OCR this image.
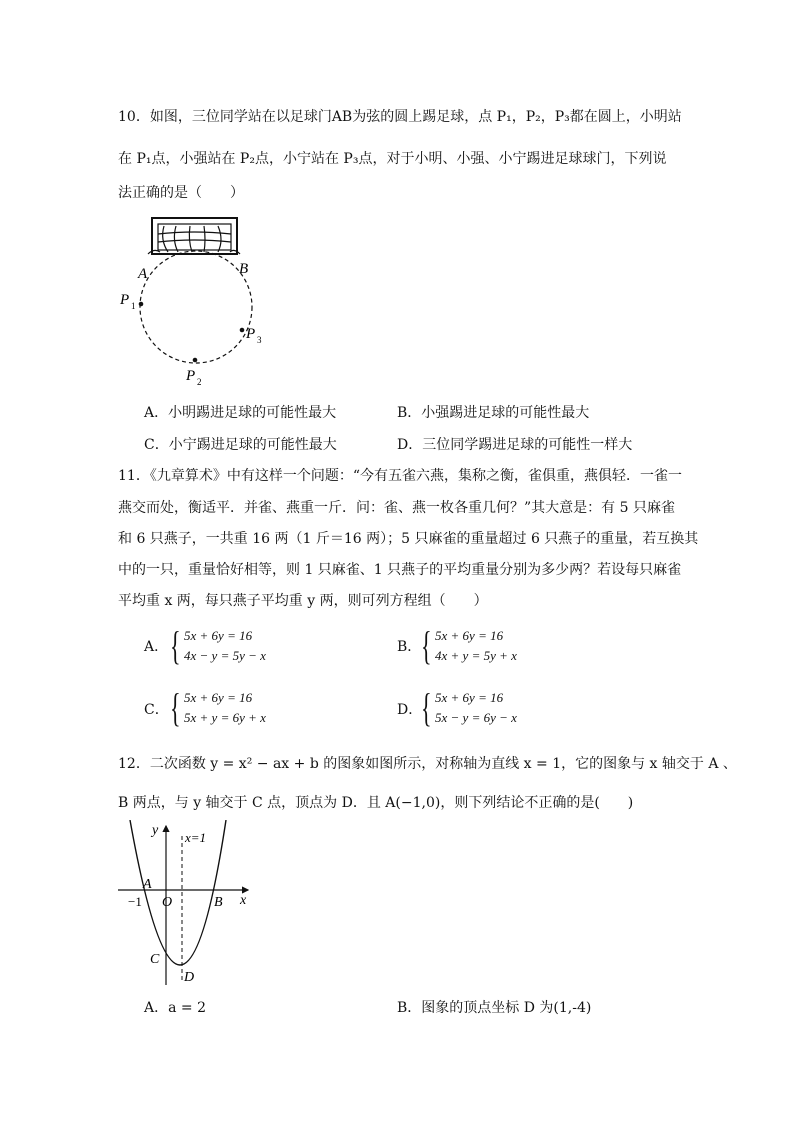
10．如图，三位同学站在以足球门AB为弦的圆上踢足球，点 P₁，P₂，P₃都在圆上，小明站
在 P₁点，小强站在 P₂点，小宁站在 P₃点，对于小明、小强、小宁踢进足球球门，下列说
法正确的是（　　）
A	B
P 1
P 2
P 3
A．小明踢进足球的可能性最大	B．小强踢进足球的可能性最大
C．小宁踢进足球的可能性最大	D．三位同学踢进足球的可能性一样大
11．《九章算术》中有这样一个问题：“今有五雀六燕，集称之衡，雀俱重，燕俱轻．一雀一
燕交而处，衡适平．并雀、燕重一斤．问：雀、燕一枚各重几何？”其大意是：有 5 只麻雀
和 6 只燕子，一共重 16 两（1 斤＝16 两）；5 只麻雀的重量超过 6 只燕子的重量，若互换其
中的一只，重量恰好相等，则 1 只麻雀、1 只燕子的平均重量分别为多少两？若设每只麻雀
平均重 x 两，每只燕子平均重 y 两，则可列方程组（　　）
A． { 5x + 6y = 16
4x − y = 5y − x
B． { 5x + 6y = 16
4x + y = 5y + x
C． { 5x + 6y = 16
5x + y = 6y + x	D．
{ 5x + 6y = 16
5x − y = 6y − x
12．二次函数 y = x² − ax + b 的图象如图所示，对称轴为直线 x = 1，它的图象与 x 轴交于 A 、
B 两点，与 y 轴交于 C 点，顶点为 D．且 A(−1,0)，则下列结论不正确的是(　　)
y
x
x=1
A
−1 O	B
C
D
A．a = 2	B．图象的顶点坐标 D 为(1,-4)
